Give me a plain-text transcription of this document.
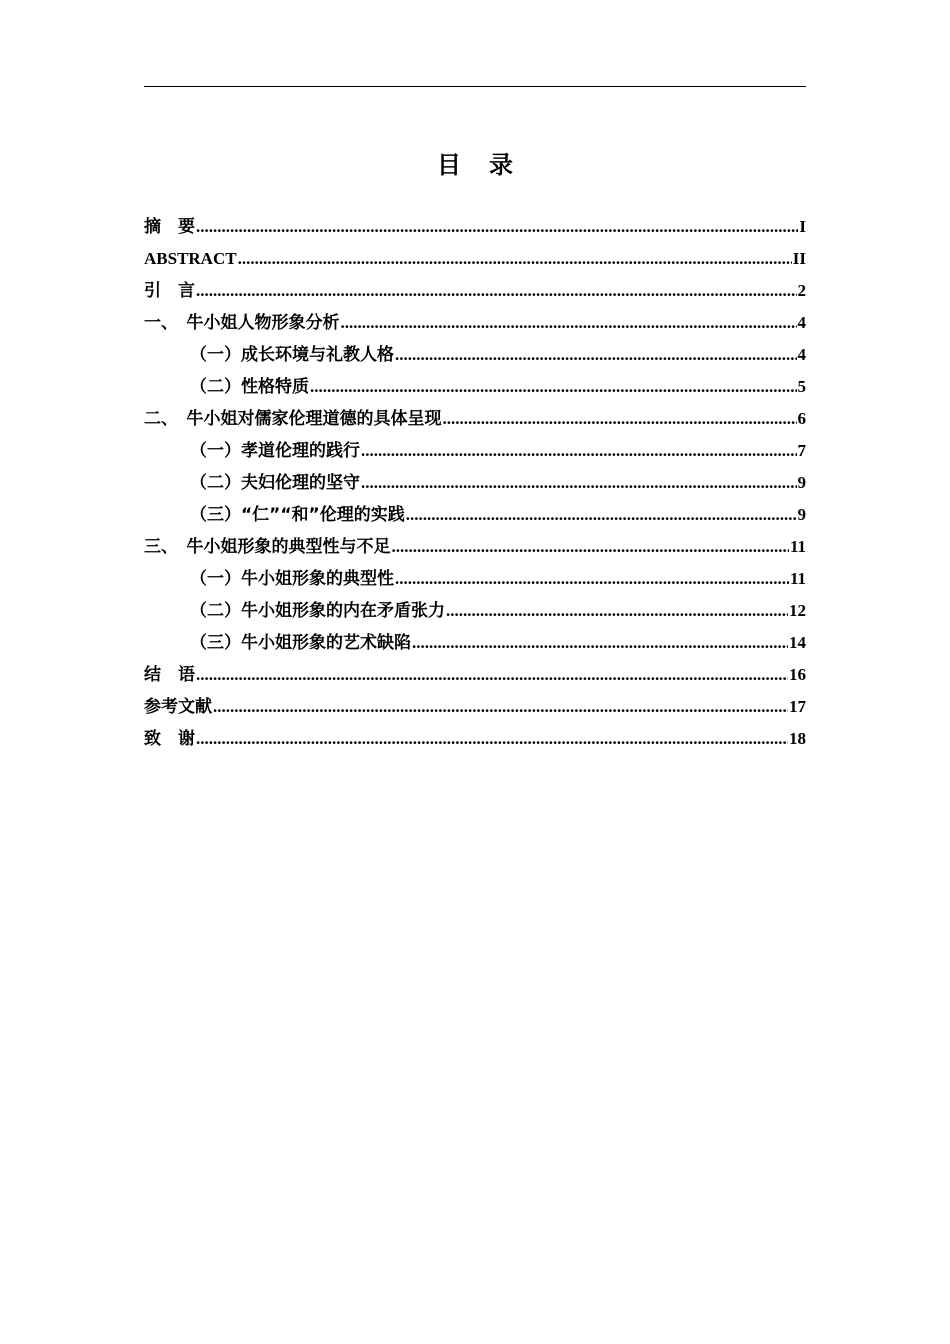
目 录
摘　要 .....	I
ABSTRACT .....	II
引　言 .....	2
一、　牛小姐人物形象分析 .....	4
（一）成长环境与礼教人格 .....	4
（二）性格特质 .....	5
二、　牛小姐对儒家伦理道德的具体呈现 .....	6
（一）孝道伦理的践行 .....	7
（二）夫妇伦理的坚守 .....	9
（三）“仁”“和”伦理的实践 .....	9
三、　牛小姐形象的典型性与不足 .....	11
（一）牛小姐形象的典型性 .....	11
（二）牛小姐形象的内在矛盾张力 .....	12
（三）牛小姐形象的艺术缺陷 .....	14
结　语 .....	16
参考文献 .....	17
致　谢 .....	18
